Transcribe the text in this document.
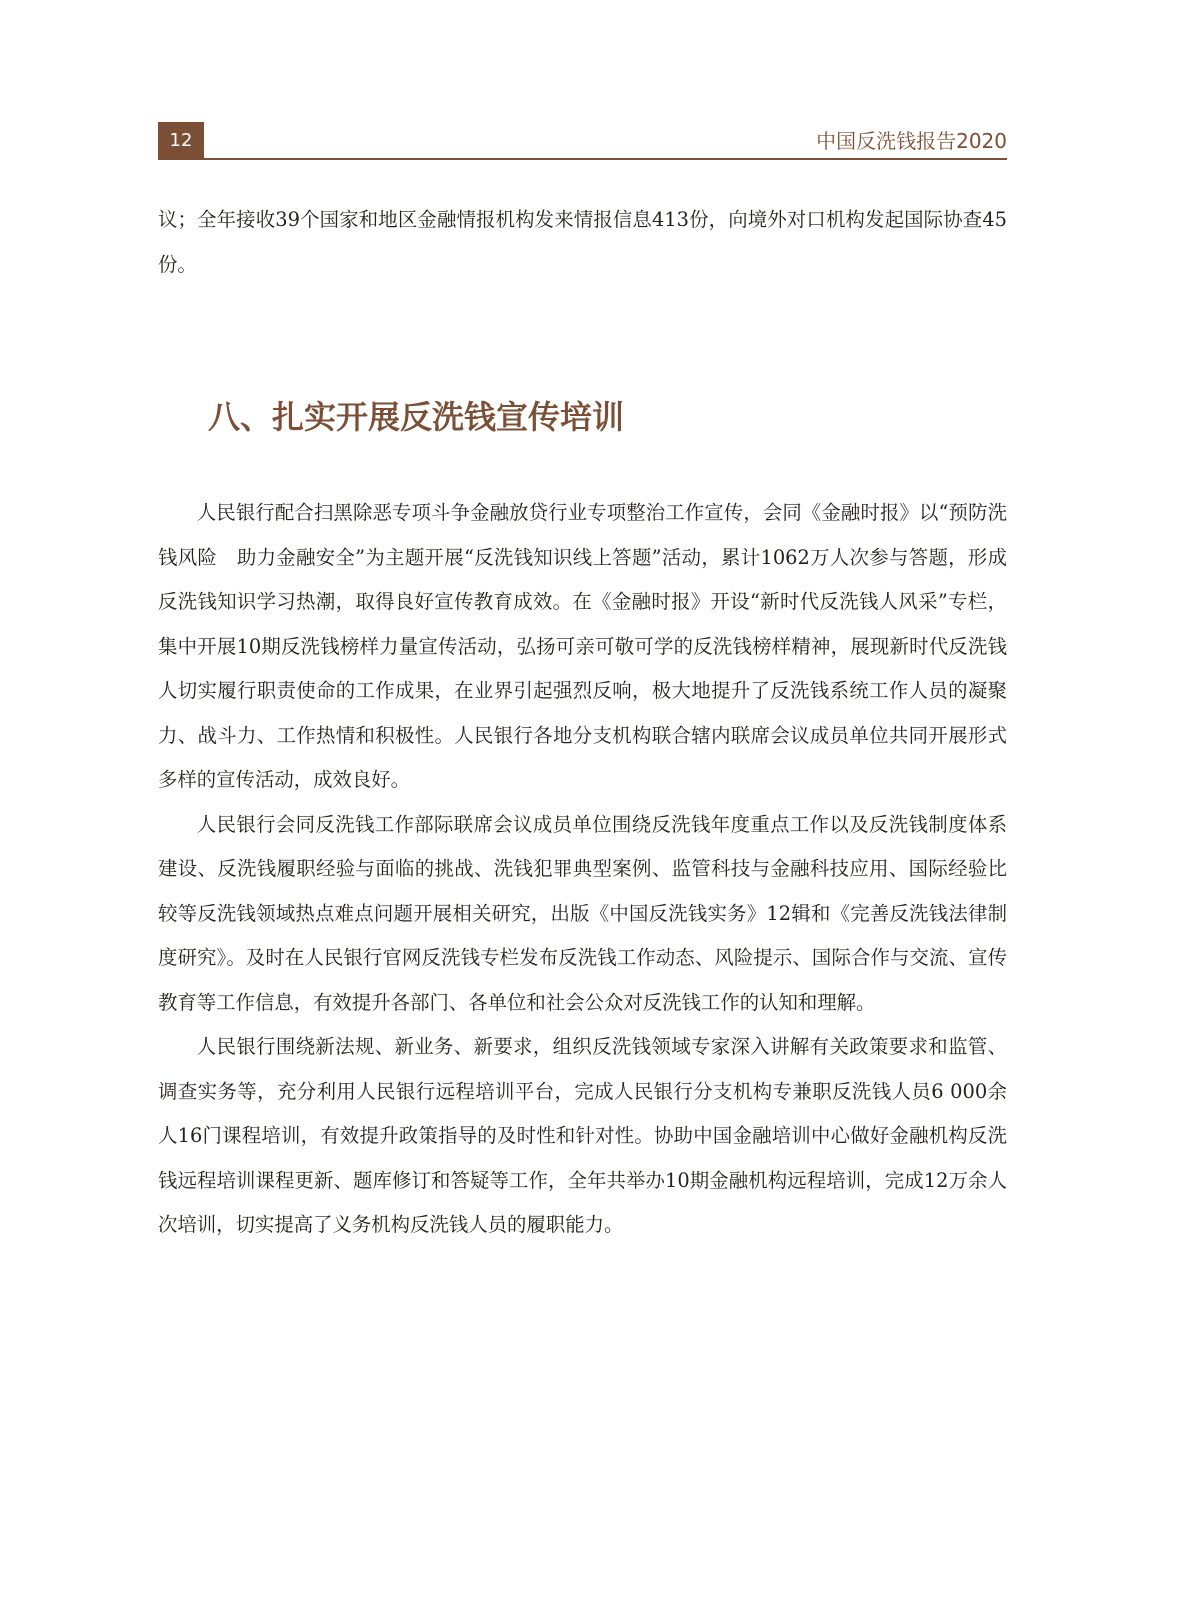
12	中国反洗钱报告2020

议；全年接收39个国家和地区金融情报机构发来情报信息413份，向境外对口机构发起国际协查45份。

八、扎实开展反洗钱宣传培训

人民银行配合扫黑除恶专项斗争金融放贷行业专项整治工作宣传，会同《金融时报》以“预防洗钱风险　助力金融安全”为主题开展“反洗钱知识线上答题”活动，累计1062万人次参与答题，形成反洗钱知识学习热潮，取得良好宣传教育成效。在《金融时报》开设“新时代反洗钱人风采”专栏，集中开展10期反洗钱榜样力量宣传活动，弘扬可亲可敬可学的反洗钱榜样精神，展现新时代反洗钱人切实履行职责使命的工作成果，在业界引起强烈反响，极大地提升了反洗钱系统工作人员的凝聚力、战斗力、工作热情和积极性。人民银行各地分支机构联合辖内联席会议成员单位共同开展形式多样的宣传活动，成效良好。

人民银行会同反洗钱工作部际联席会议成员单位围绕反洗钱年度重点工作以及反洗钱制度体系建设、反洗钱履职经验与面临的挑战、洗钱犯罪典型案例、监管科技与金融科技应用、国际经验比较等反洗钱领域热点难点问题开展相关研究，出版《中国反洗钱实务》12辑和《完善反洗钱法律制度研究》。及时在人民银行官网反洗钱专栏发布反洗钱工作动态、风险提示、国际合作与交流、宣传教育等工作信息，有效提升各部门、各单位和社会公众对反洗钱工作的认知和理解。

人民银行围绕新法规、新业务、新要求，组织反洗钱领域专家深入讲解有关政策要求和监管、调查实务等，充分利用人民银行远程培训平台，完成人民银行分支机构专兼职反洗钱人员6 000余人16门课程培训，有效提升政策指导的及时性和针对性。协助中国金融培训中心做好金融机构反洗钱远程培训课程更新、题库修订和答疑等工作，全年共举办10期金融机构远程培训，完成12万余人次培训，切实提高了义务机构反洗钱人员的履职能力。
